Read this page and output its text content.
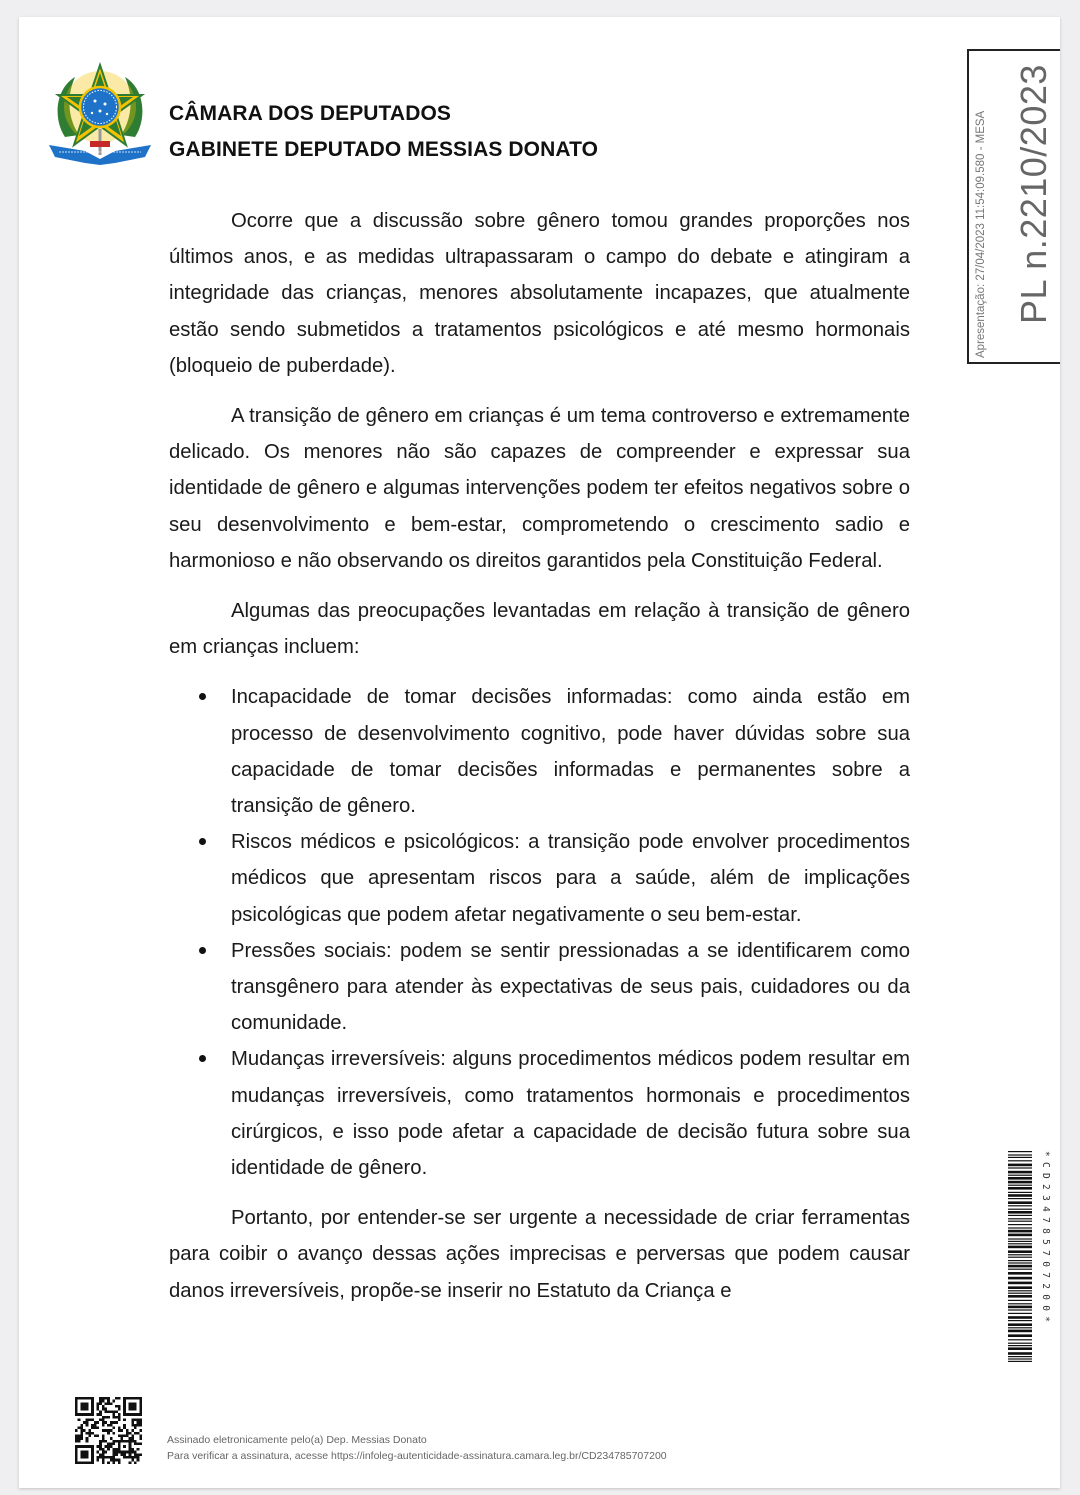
CÂMARA DOS DEPUTADOS
GABINETE DEPUTADO MESSIAS DONATO

Ocorre que a discussão sobre gênero tomou grandes proporções nos últimos anos, e as medidas ultrapassaram o campo do debate e atingiram a integridade das crianças, menores absolutamente incapazes, que atualmente estão sendo submetidos a tratamentos psicológicos e até mesmo hormonais (bloqueio de puberdade).

A transição de gênero em crianças é um tema controverso e extremamente delicado. Os menores não são capazes de compreender e expressar sua identidade de gênero e algumas intervenções podem ter efeitos negativos sobre o seu desenvolvimento e bem-estar, comprometendo o crescimento sadio e harmonioso e não observando os direitos garantidos pela Constituição Federal.

Algumas das preocupações levantadas em relação à transição de gênero em crianças incluem:

Incapacidade de tomar decisões informadas: como ainda estão em processo de desenvolvimento cognitivo, pode haver dúvidas sobre sua capacidade de tomar decisões informadas e permanentes sobre a transição de gênero.
Riscos médicos e psicológicos: a transição pode envolver procedimentos médicos que apresentam riscos para a saúde, além de implicações psicológicas que podem afetar negativamente o seu bem-estar.
Pressões sociais: podem se sentir pressionadas a se identificarem como transgênero para atender às expectativas de seus pais, cuidadores ou da comunidade.
Mudanças irreversíveis: alguns procedimentos médicos podem resultar em mudanças irreversíveis, como tratamentos hormonais e procedimentos cirúrgicos, e isso pode afetar a capacidade de decisão futura sobre sua identidade de gênero.

Portanto, por entender-se ser urgente a necessidade de criar ferramentas para coibir o avanço dessas ações imprecisas e perversas que podem causar danos irreversíveis, propõe-se inserir no Estatuto da Criança e

Apresentação: 27/04/2023 11:54:09.580 - MESA PL n.2210/2023
*CD234785707200*
Assinado eletronicamente pelo(a) Dep. Messias Donato
Para verificar a assinatura, acesse https://infoleg-autenticidade-assinatura.camara.leg.br/CD234785707200
